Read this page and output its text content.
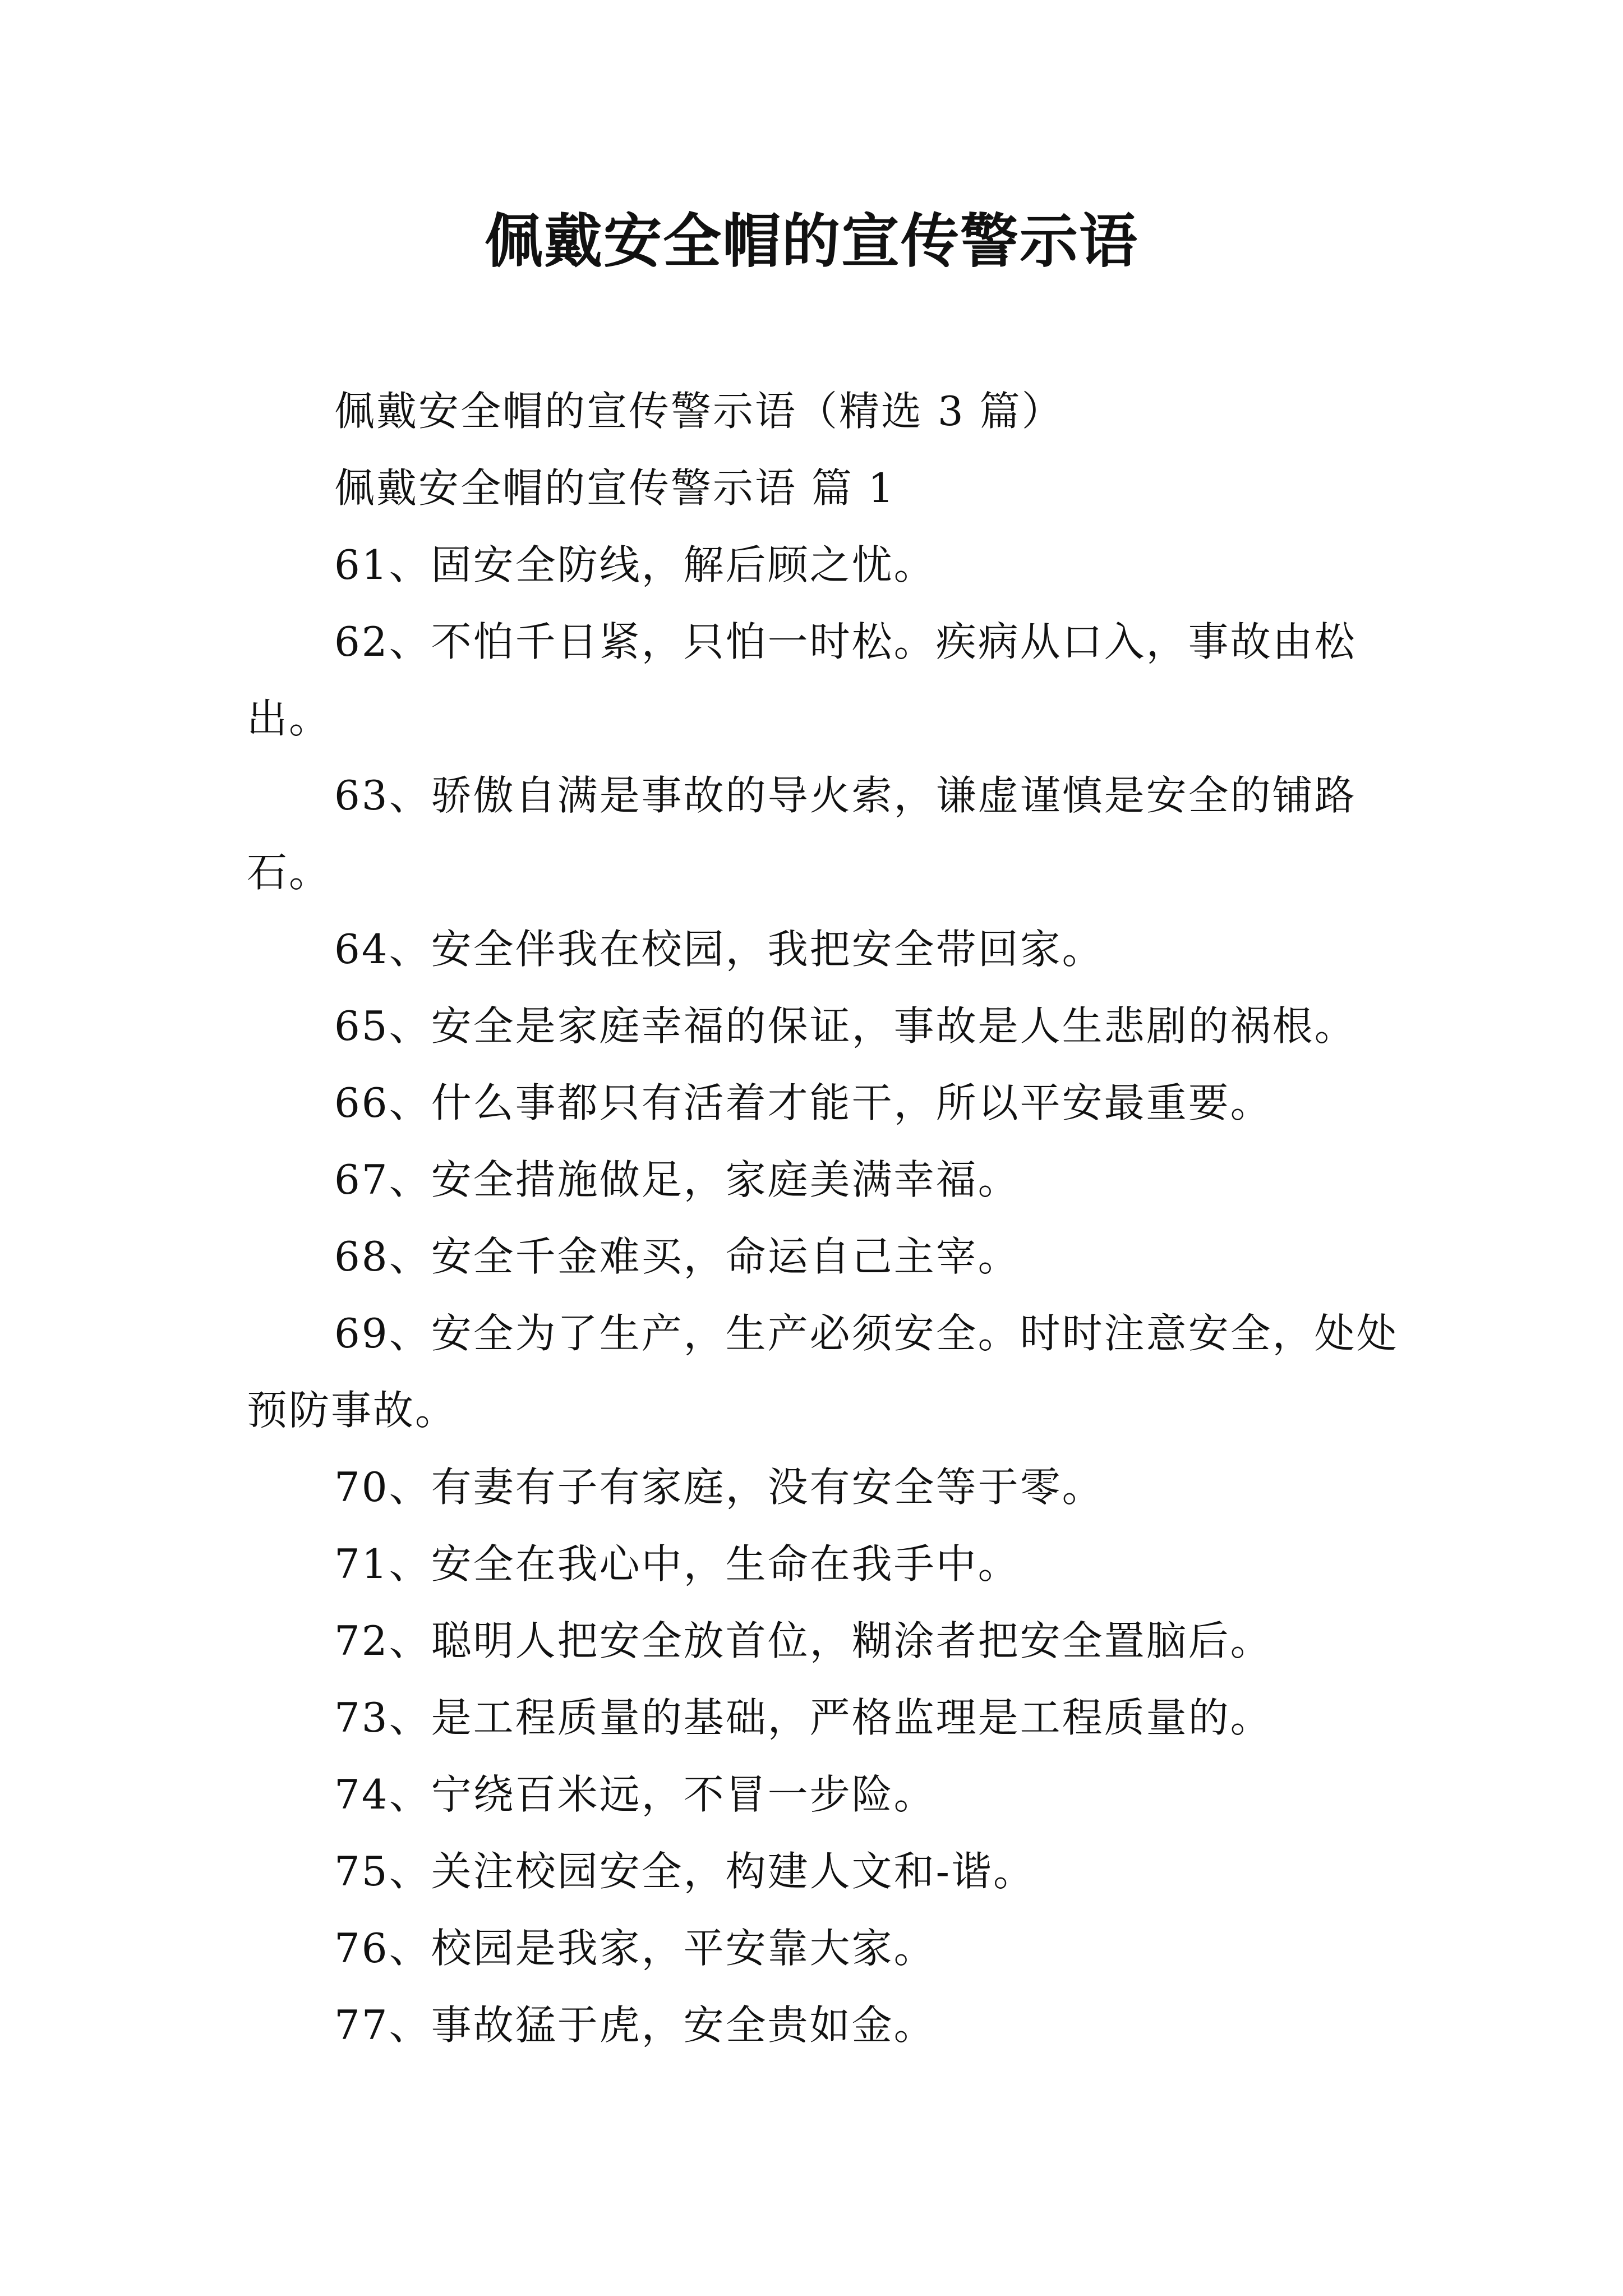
佩戴安全帽的宣传警示语

佩戴安全帽的宣传警示语（精选 3 篇）

佩戴安全帽的宣传警示语 篇 1

61、固安全防线，解后顾之忧。

62、不怕千日紧，只怕一时松。疾病从口入，事故由松出。

63、骄傲自满是事故的导火索，谦虚谨慎是安全的铺路石。

64、安全伴我在校园，我把安全带回家。

65、安全是家庭幸福的保证，事故是人生悲剧的祸根。

66、什么事都只有活着才能干，所以平安最重要。

67、安全措施做足，家庭美满幸福。

68、安全千金难买，命运自己主宰。

69、安全为了生产，生产必须安全。时时注意安全，处处预防事故。

70、有妻有子有家庭，没有安全等于零。

71、安全在我心中，生命在我手中。

72、聪明人把安全放首位，糊涂者把安全置脑后。

73、是工程质量的基础，严格监理是工程质量的。

74、宁绕百米远，不冒一步险。

75、关注校园安全，构建人文和-谐。

76、校园是我家，平安靠大家。

77、事故猛于虎，安全贵如金。
